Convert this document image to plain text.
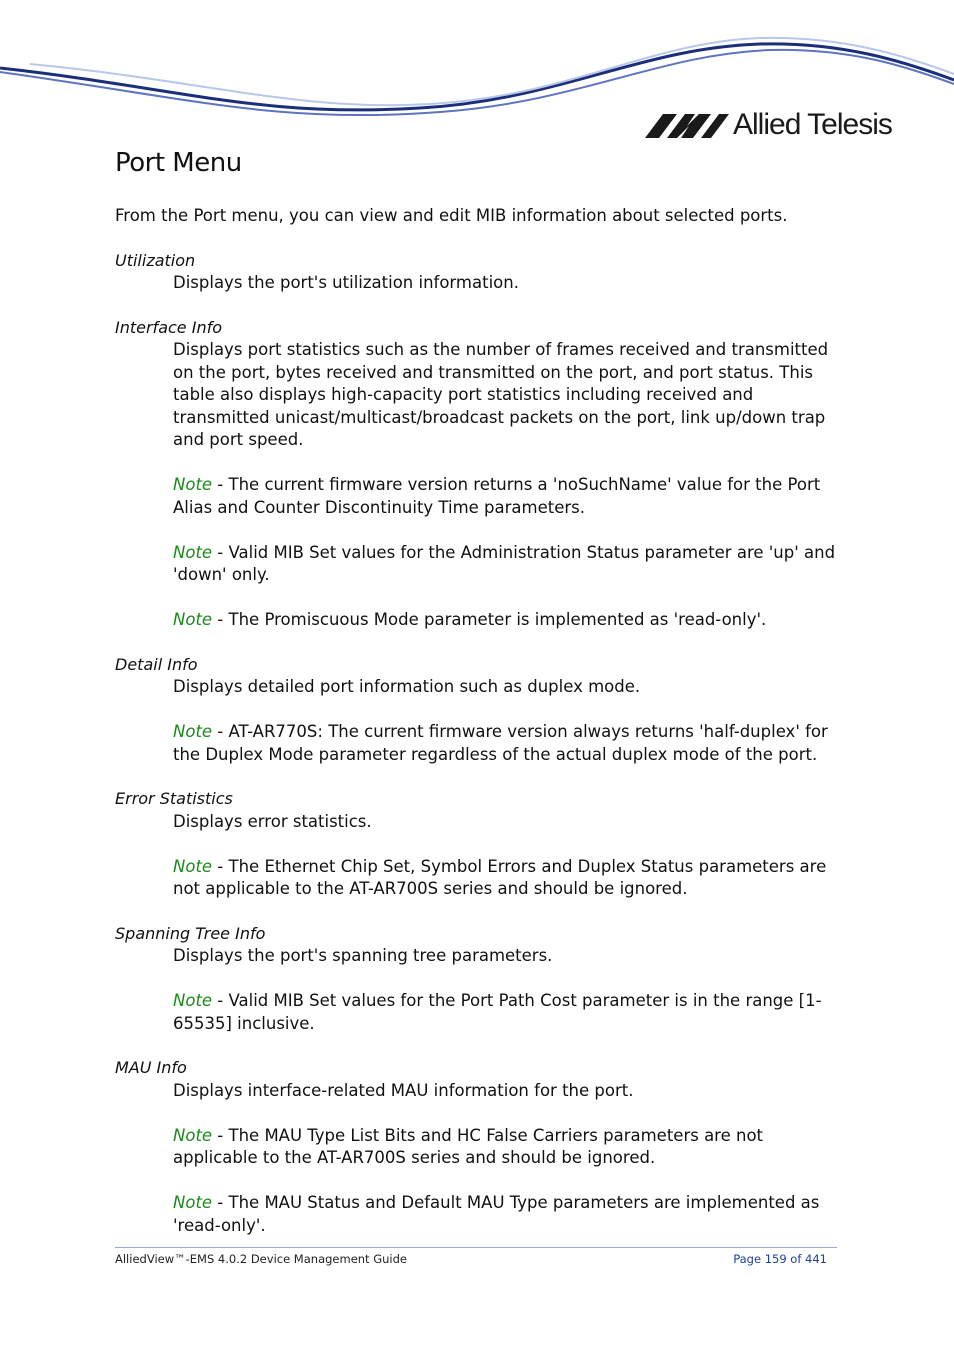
Allied Telesis
Port Menu

From the Port menu, you can view and edit MIB information about selected ports.

Utilization

Displays the port's utilization information.

Interface Info

Displays port statistics such as the number of frames received and transmitted on the port, bytes received and transmitted on the port, and port status. This table also displays high-capacity port statistics including received and transmitted unicast/multicast/broadcast packets on the port, link up/down trap and port speed.

Note - The current firmware version returns a 'noSuchName' value for the Port Alias and Counter Discontinuity Time parameters.

Note - Valid MIB Set values for the Administration Status parameter are 'up' and 'down' only.

Note - The Promiscuous Mode parameter is implemented as 'read-only'.

Detail Info

Displays detailed port information such as duplex mode.

Note - AT-AR770S: The current firmware version always returns 'half-duplex' for the Duplex Mode parameter regardless of the actual duplex mode of the port.

Error Statistics

Displays error statistics.

Note - The Ethernet Chip Set, Symbol Errors and Duplex Status parameters are not applicable to the AT-AR700S series and should be ignored.

Spanning Tree Info

Displays the port's spanning tree parameters.

Note - Valid MIB Set values for the Port Path Cost parameter is in the range [1-65535] inclusive.

MAU Info

Displays interface-related MAU information for the port.

Note - The MAU Type List Bits and HC False Carriers parameters are not applicable to the AT-AR700S series and should be ignored.

Note - The MAU Status and Default MAU Type parameters are implemented as 'read-only'.

AlliedView™-EMS 4.0.2 Device Management Guide	Page 159 of 441
